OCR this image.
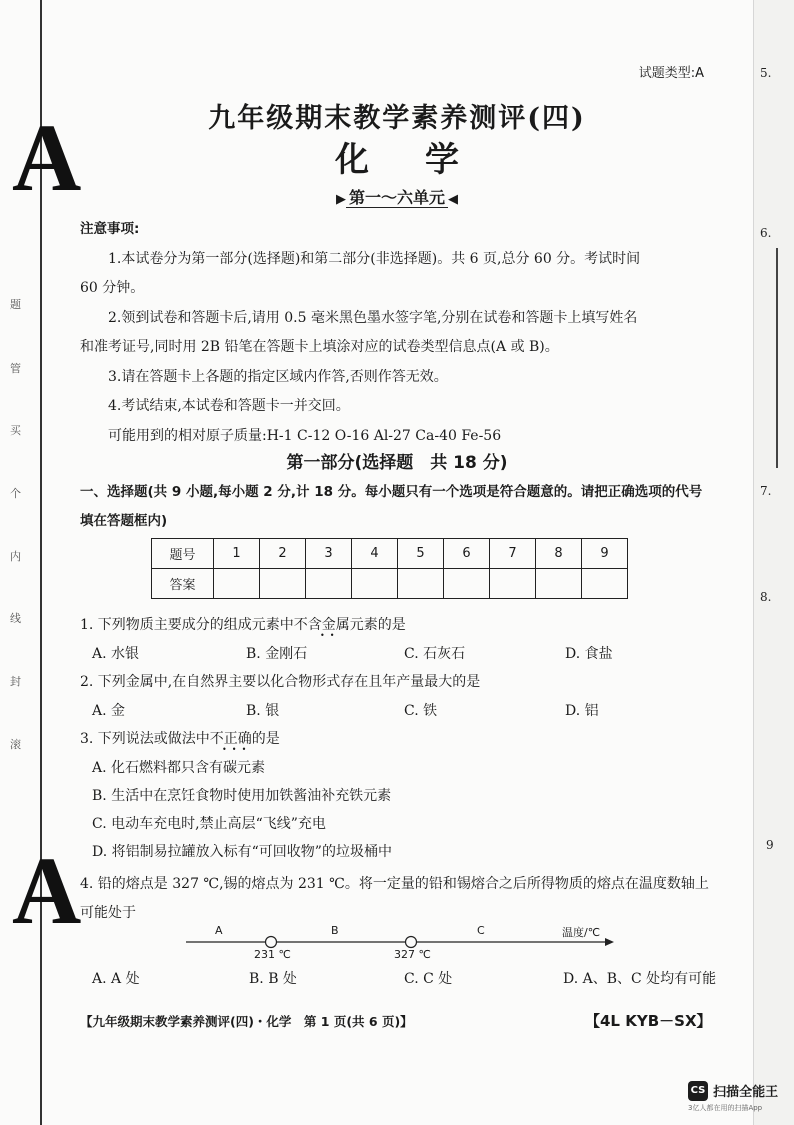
A
A
题
管
买
个
内
线
封
滚
5.
6.
7.
8.
9
试题类型:A
九年级期末教学素养测评(四)
化学
▶ 第一～六单元 ◀

注意事项:

1.本试卷分为第一部分(选择题)和第二部分(非选择题)。共 6 页,总分 60 分。考试时间

60 分钟。

2.领到试卷和答题卡后,请用 0.5 毫米黑色墨水签字笔,分别在试卷和答题卡上填写姓名

和准考证号,同时用 2B 铅笔在答题卡上填涂对应的试卷类型信息点(A 或 B)。

3.请在答题卡上各题的指定区域内作答,否则作答无效。

4.考试结束,本试卷和答题卡一并交回。

可能用到的相对原子质量:H-1 C-12 O-16 Al-27 Ca-40 Fe-56

第一部分(选择题　共 18 分)
一、选择题(共 9 小题,每小题 2 分,计 18 分。每小题只有一个选项是符合题意的。请把正确选项的代号填在答题框内)
题号	1	2	3	4	5	6	7	8	9
答案									
1. 下列物质主要成分的组成元素中不含金属元素的是
A. 水银	B. 金刚石	C. 石灰石	D. 食盐
•  •
2. 下列金属中,在自然界主要以化合物形式存在且年产量最大的是
A. 金	B. 银	C. 铁	D. 铝
3. 下列说法或做法中不正确的是
•  •  •
A. 化石燃料都只含有碳元素
B. 生活中在烹饪食物时使用加铁酱油补充铁元素
C. 电动车充电时,禁止高层“飞线”充电
D. 将铝制易拉罐放入标有“可回收物”的垃圾桶中
4. 铅的熔点是 327 ℃,锡的熔点为 231 ℃。将一定量的铅和锡熔合之后所得物质的熔点在温度数轴上可能处于
A	B	C	温度/℃
231 ℃	327 ℃
A. A 处	B. B 处	C. C 处	D. A、B、C 处均有可能
【九年级期末教学素养测评(四)・化学　第 1 页(共 6 页)】	【4L KYB－SX】
CS 扫描全能王
3亿人都在用的扫描App
